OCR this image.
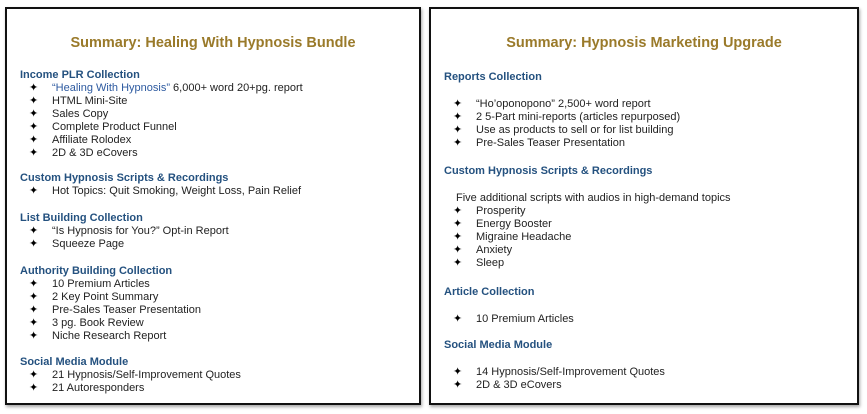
Summary: Healing With Hypnosis Bundle
Income PLR Collection
✦ “Healing With Hypnosis” 6,000+ word 20+pg. report
✦ HTML Mini-Site
✦ Sales Copy
✦ Complete Product Funnel
✦ Affiliate Rolodex
✦ 2D & 3D eCovers
Custom Hypnosis Scripts & Recordings
✦ Hot Topics: Quit Smoking, Weight Loss, Pain Relief
List Building Collection
✦ “Is Hypnosis for You?” Opt-in Report
✦ Squeeze Page
Authority Building Collection
✦ 10 Premium Articles
✦ 2 Key Point Summary
✦ Pre-Sales Teaser Presentation
✦ 3 pg. Book Review
✦ Niche Research Report
Social Media Module
✦ 21 Hypnosis/Self-Improvement Quotes
✦ 21 Autoresponders
Summary: Hypnosis Marketing Upgrade
Reports Collection
✦ “Ho’oponopono” 2,500+ word report
✦ 2 5-Part mini-reports (articles repurposed)
✦ Use as products to sell or for list building
✦ Pre-Sales Teaser Presentation
Custom Hypnosis Scripts & Recordings
Five additional scripts with audios in high-demand topics
✦ Prosperity
✦ Energy Booster
✦ Migraine Headache
✦ Anxiety
✦ Sleep
Article Collection
✦ 10 Premium Articles
Social Media Module
✦ 14 Hypnosis/Self-Improvement Quotes
✦ 2D & 3D eCovers
